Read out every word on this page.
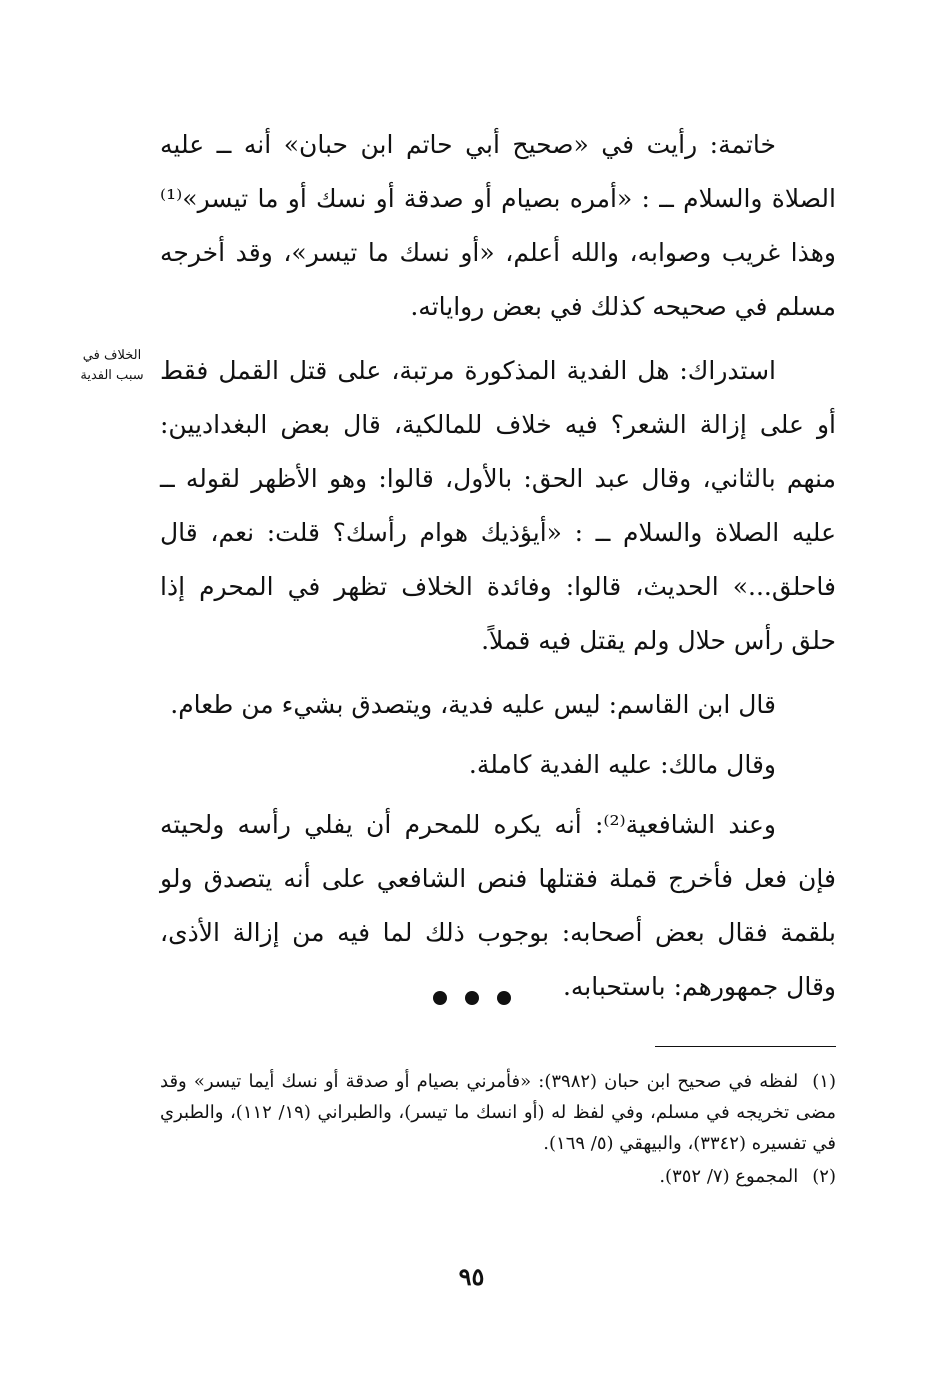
خاتمة: رأيت في «صحيح أبي حاتم ابن حبان» أنه ــ عليه الصلاة والسلام ــ : «أمره بصيام أو صدقة أو نسك أو ما تيسر»⁽¹⁾ وهذا غريب وصوابه، والله أعلم، «أو نسك ما تيسر»، وقد أخرجه مسلم في صحيحه كذلك في بعض رواياته.

استدراك: هل الفدية المذكورة مرتبة، على قتل القمل فقط أو على إزالة الشعر؟ فيه خلاف للمالكية، قال بعض البغداديين: منهم بالثاني، وقال عبد الحق: بالأول، قالوا: وهو الأظهر لقوله ــ عليه الصلاة والسلام ــ : «أيؤذيك هوام رأسك؟ قلت: نعم، قال فاحلق...» الحديث، قالوا: وفائدة الخلاف تظهر في المحرم إذا حلق رأس حلال ولم يقتل فيه قملاً.

قال ابن القاسم: ليس عليه فدية، ويتصدق بشيء من طعام.

وقال مالك: عليه الفدية كاملة.

وعند الشافعية⁽²⁾: أنه يكره للمحرم أن يفلي رأسه ولحيته فإن فعل فأخرج قملة فقتلها فنص الشافعي على أنه يتصدق ولو بلقمة فقال بعض أصحابه: بوجوب ذلك لما فيه من إزالة الأذى، وقال جمهورهم: باستحبابه.

الخلاف في سبب الفدية

(١)لفظه في صحيح ابن حبان (٣٩٨٢): «فأمرني بصيام أو صدقة أو نسك أيما تيسر» وقد مضى تخريجه في مسلم، وفي لفظ له (أو انسك ما تيسر)، والطبراني (١٩/ ١١٢)، والطبري في تفسيره (٣٣٤٢)، والبيهقي (٥/ ١٦٩).

(٢)المجموع (٧/ ٣٥٢).

٩٥
